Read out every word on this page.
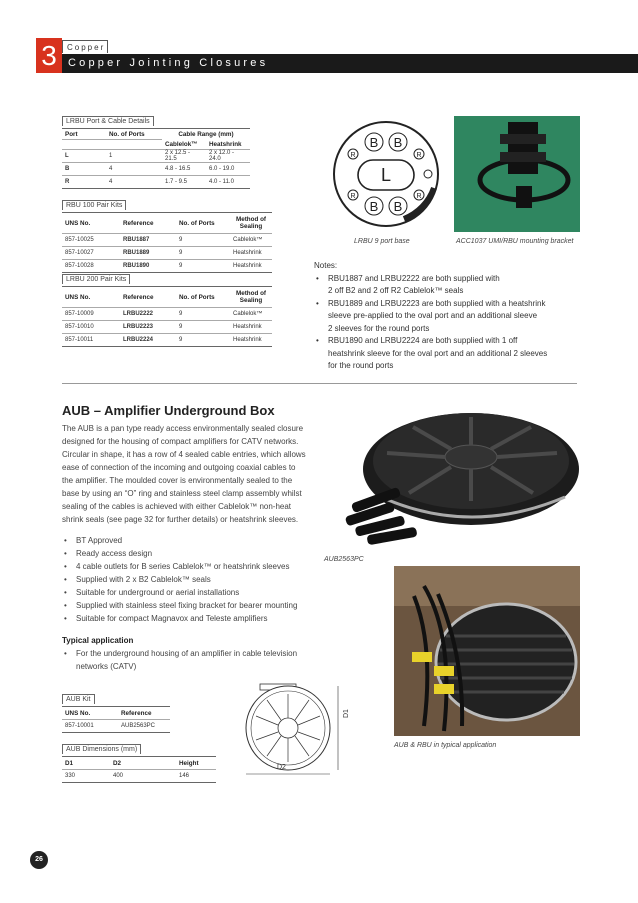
3	Copper
Copper Jointing Closures
LRBU Port & Cable Details
Port	No. of Ports	Cable Range (mm)	
		Cablelok™	Heatshrink
L	1	2 x 12.5 - 21.5	2 x 12.0 - 24.0
B	4	4.8 - 16.5	6.0 - 19.0
R	4	1.7 - 9.5	4.0 - 11.0
RBU 100 Pair Kits
UNS No.	Reference	No. of Ports	Method of Sealing
857-10025	RBU1887	9	Cablelok™
857-10027	RBU1889	9	Heatshrink
857-10028	RBU1890	9	Heatshrink
LRBU 200 Pair Kits
UNS No.	Reference	No. of Ports	Method of Sealing
857-10009	LRBU2222	9	Cablelok™
857-10010	LRBU2223	9	Heatshrink
857-10011	LRBU2224	9	Heatshrink
L
B B
B B
R	R
R	R
LRBU 9 port base	ACC1037 UMI/RBU mounting bracket
Notes:
• RBU1887 and LRBU2222 are both supplied with
2 off B2 and 2 off R2 Cablelok™ seals
• RBU1889 and LRBU2223 are both supplied with a heatshrink
sleeve pre-applied to the oval port and an additional sleeve
2 sleeves for the round ports
• RBU1890 and LRBU2224 are both supplied with 1 off
heatshrink sleeve for the oval port and an additional 2 sleeves
for the round ports
AUB – Amplifier Underground Box
The AUB is a pan type ready access environmentally sealed closure
designed for the housing of compact amplifiers for CATV networks.
Circular in shape, it has a row of 4 sealed cable entries, which allows
ease of connection of the incoming and outgoing coaxial cables to
the amplifier. The moulded cover is environmentally sealed to the
base by using an “O” ring and stainless steel clamp assembly whilst
sealing of the cables is achieved with either Cablelok™ non-heat
shrink seals (see page 32 for further details) or heatshrink sleeves.
• BT Approved
• Ready access design
• 4 cable outlets for B series Cablelok™ or heatshrink sleeves
• Supplied with 2 x B2 Cablelok™ seals
• Suitable for underground or aerial installations
• Supplied with stainless steel fixing bracket for bearer mounting
• Suitable for compact Magnavox and Teleste amplifiers
Typical application
• For the underground housing of an amplifier in cable television
networks (CATV)
AUB Kit
UNS No.	Reference
857-10001	AUB2563PC
AUB Dimensions (mm)
D1	D2	Height
330	400	146
D1
D2
AUB2563PC
AUB & RBU in typical application
26
